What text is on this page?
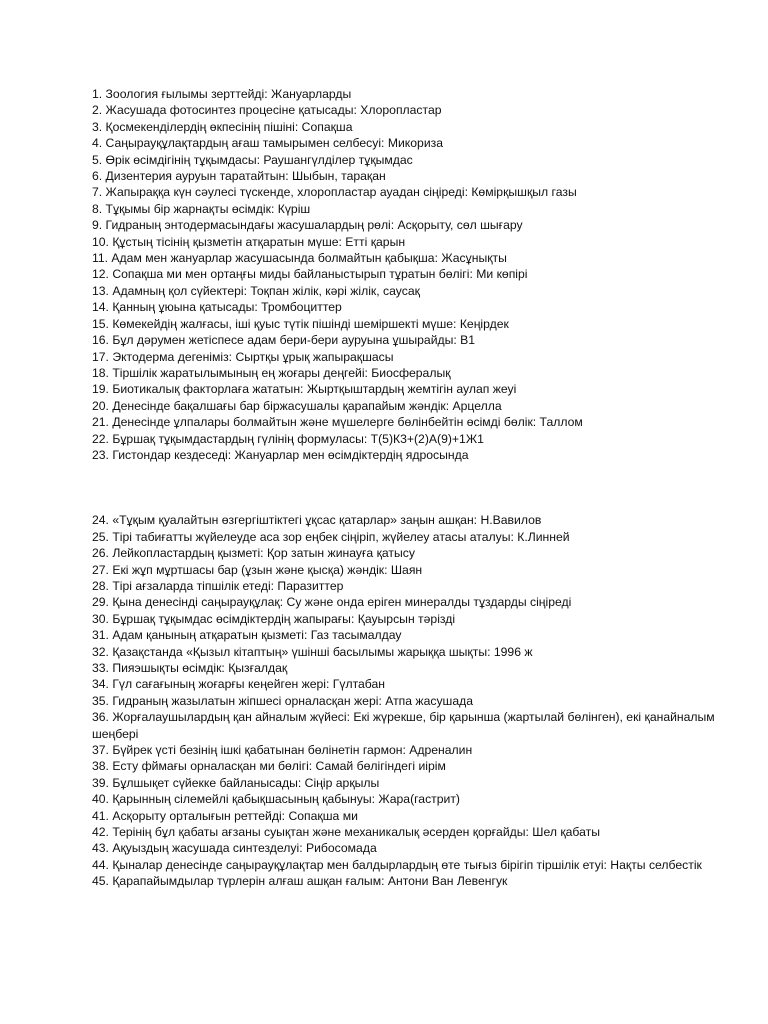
1. Зоология ғылымы зерттейді: Жануарларды

2. Жасушада фотосинтез процесіне қатысады: Хлоропластар

3. Қосмекенділердің өкпесінің пішіні: Сопақша

4. Саңырауқұлақтардың ағаш тамырымен селбесуі: Микориза

5. Өрік өсімдігінің тұқымдасы: Раушангүлділер тұқымдас

6. Дизентерия ауруын таратайтын: Шыбын, тарақан

7. Жапыраққа күн сәулесі түскенде, хлоропластар ауадан сіңіреді: Көмірқышқыл газы

8. Тұқымы бір жарнақты өсімдік: Күріш

9. Гидраның энтодермасындағы жасушалардың рөлі: Асқорыту, сөл шығару

10. Құстың тісінің қызметін атқаратын мүше: Етті қарын

11. Адам мен жануарлар жасушасында болмайтын қабықша: Жасұнықты

12. Сопақша ми мен ортаңғы миды байланыстырып тұратын бөлігі: Ми көпірі

13. Адамның қол сүйектері: Тоқпан жілік, кәрі жілік, саусақ

14. Қанның ұюына қатысады: Тромбоциттер

15. Көмекейдің жалғасы, іші қуыс түтік пішінді шеміршекті мүше: Кеңірдек

16. Бұл дәрумен жетіспесе адам бери-бери ауруына ұшырайды: В1

17. Эктодерма дегеніміз: Сыртқы ұрық жапырақшасы

18. Тіршілік жаратылымының ең жоғары деңгейі: Биосфералық

19. Биотикалық факторлаға жататын: Жыртқыштардың жемтігін аулап жеуі

20. Денесінде бақалшағы бар біржасушалы қарапайым жәндік: Арцелла

21. Денесінде ұлпалары болмайтын және мүшелерге бөлінбейтін өсімді бөлік: Таллом

22. Бұршақ тұқымдастардың гүлінің формуласы: Т(5)К3+(2)А(9)+1Ж1

23. Гистондар кездеседі: Жануарлар мен өсімдіктердің ядросында

24. «Тұқым қуалайтын өзгергіштіктегі ұқсас қатарлар» заңын ашқан: Н.Вавилов

25. Тірі табиғатты жүйелеуде аса зор еңбек сіңіріп, жүйелеу атасы аталуы: К.Линней

26. Лейкопластардың қызметі: Қор затын жинауға қатысу

27. Екі жұп мұртшасы бар (ұзын және қысқа) жәндік: Шаян

28. Тірі ағзаларда тіпшілік етеді: Паразиттер

29. Қына денесінді саңырауқұлақ: Су және онда еріген минералды тұздарды сіңіреді

30. Бұршақ тұқымдас өсімдіктердің жапырағы: Қауырсын тәрізді

31. Адам қанының атқаратын қызметі: Газ тасымалдау

32. Қазақстанда «Қызыл кітаптың» үшінші басылымы жарыққа шықты: 1996 ж

33. Пияэшықты өсімдік: Қызғалдақ

34. Гүл сағағының жоғарғы кеңейген жері: Гүлтабан

35. Гидраның жазылатын жіпшесі орналасқан жері: Атпа жасушада

36. Жорғалаушылардың қан айналым жүйесі: Екі жүрекше, бір қарынша (жартылай бөлінген), екі қанайналым шеңбері

37. Бүйрек үсті безінің ішкі қабатынан бөлінетін гармон: Адреналин

38. Есту фймағы орналасқан ми бөлігі: Самай бөлігіндегі иірім

39. Бұлшықет сүйекке байланысады: Сіңір арқылы

40. Қарынның сілемейлі қабықшасының қабынуы: Жара(гастрит)

41. Асқорыту орталығын реттейді: Сопақша ми

42. Терінің бұл қабаты ағзаны суықтан және механикалық әсерден қорғайды: Шел қабаты

43. Ақуыздың жасушада синтезделуі: Рибосомада

44. Қыналар денесінде саңырауқұлақтар мен балдырлардың өте тығыз бірігіп тіршілік етуі: Нақты селбестік

45. Қарапайымдылар түрлерін алғаш ашқан ғалым: Антони Ван Левенгук
